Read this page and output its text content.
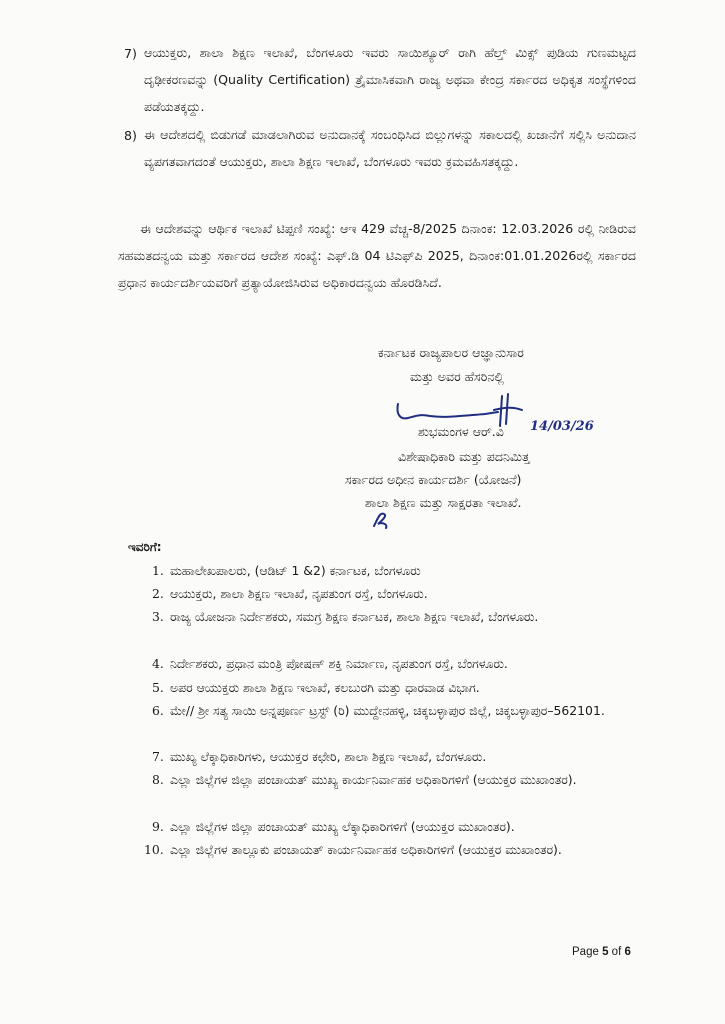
7) ಆಯುಕ್ತರು, ಶಾಲಾ ಶಿಕ್ಷಣ ಇಲಾಖೆ, ಬೆಂಗಳೂರು ಇವರು ಸಾಯಿಶ್ಯೂರ್ ರಾಗಿ ಹೆಲ್ತ್ ಮಿಕ್ಸ್ ಪುಡಿಯ ಗುಣಮಟ್ಟದ ದೃಢೀಕರಣವನ್ನು (Quality Certification) ತ್ರೈಮಾಸಿಕವಾಗಿ ರಾಜ್ಯ ಅಥವಾ ಕೇಂದ್ರ ಸರ್ಕಾರದ ಅಧಿಕೃತ ಸಂಸ್ಥೆಗಳಿಂದ ಪಡೆಯತಕ್ಕದ್ದು.
8) ಈ ಆದೇಶದಲ್ಲಿ ಬಿಡುಗಡೆ ಮಾಡಲಾಗಿರುವ ಅನುದಾನಕ್ಕೆ ಸಂಬಂಧಿಸಿದ ಬಿಲ್ಲುಗಳನ್ನು ಸಕಾಲದಲ್ಲಿ ಖಜಾನೆಗೆ ಸಲ್ಲಿಸಿ ಅನುದಾನ ವ್ಯಪಗತವಾಗದಂತೆ ಆಯುಕ್ತರು, ಶಾಲಾ ಶಿಕ್ಷಣ ಇಲಾಖೆ, ಬೆಂಗಳೂರು ಇವರು ಕ್ರಮವಹಿಸತಕ್ಕದ್ದು.
ಈ ಆದೇಶವನ್ನು ಆರ್ಥಿಕ ಇಲಾಖೆ ಟಿಪ್ಪಣಿ ಸಂಖ್ಯೆ: ಆಇ 429 ವೆಚ್ಚ-8/2025 ದಿನಾಂಕ: 12.03.2026 ರಲ್ಲಿ ನೀಡಿರುವ ಸಹಮತದನ್ವಯ ಮತ್ತು ಸರ್ಕಾರದ ಆದೇಶ ಸಂಖ್ಯೆ: ಎಫ್.ಡಿ 04 ಟಿಎಫ್‌ಪಿ 2025, ದಿನಾಂಕ:01.01.2026ರಲ್ಲಿ ಸರ್ಕಾರದ ಪ್ರಧಾನ ಕಾರ್ಯದರ್ಶಿಯವರಿಗೆ ಪ್ರತ್ಯಾಯೋಜಿಸಿರುವ ಅಧಿಕಾರದನ್ವಯ ಹೊರಡಿಸಿದೆ.
ಕರ್ನಾಟಕ ರಾಜ್ಯಪಾಲರ ಆಜ್ಞಾನುಸಾರ
ಮತ್ತು ಅವರ ಹೆಸರಿನಲ್ಲಿ
ಶುಭಮಂಗಳ ಆರ್.ವಿ 14/03/26
ವಿಶೇಷಾಧಿಕಾರಿ ಮತ್ತು ಪದನಿಮಿತ್ತ
ಸರ್ಕಾರದ ಅಧೀನ ಕಾರ್ಯದರ್ಶಿ (ಯೋಜನೆ)
ಶಾಲಾ ಶಿಕ್ಷಣ ಮತ್ತು ಸಾಕ್ಷರತಾ ಇಲಾಖೆ.
ಇವರಿಗೆ:
1. ಮಹಾಲೇಖಪಾಲರು, (ಆಡಿಟ್ 1 &2) ಕರ್ನಾಟಕ, ಬೆಂಗಳೂರು
2. ಆಯುಕ್ತರು, ಶಾಲಾ ಶಿಕ್ಷಣ ಇಲಾಖೆ, ನೃಪತುಂಗ ರಸ್ತೆ, ಬೆಂಗಳೂರು.
3. ರಾಜ್ಯ ಯೋಜನಾ ನಿರ್ದೇಶಕರು, ಸಮಗ್ರ ಶಿಕ್ಷಣ ಕರ್ನಾಟಕ, ಶಾಲಾ ಶಿಕ್ಷಣ ಇಲಾಖೆ, ಬೆಂಗಳೂರು.
4. ನಿರ್ದೇಶಕರು, ಪ್ರಧಾನ ಮಂತ್ರಿ ಪೋಷಣ್ ಶಕ್ತಿ ನಿರ್ಮಾಣ, ನೃಪತುಂಗ ರಸ್ತೆ, ಬೆಂಗಳೂರು.
5. ಅಪರ ಆಯುಕ್ತರು ಶಾಲಾ ಶಿಕ್ಷಣ ಇಲಾಖೆ, ಕಲಬುರಗಿ ಮತ್ತು ಧಾರವಾಡ ವಿಭಾಗ.
6. ಮೇ// ಶ್ರೀ ಸತ್ಯ ಸಾಯಿ ಅನ್ನಪೂರ್ಣ ಟ್ರಸ್ಟ್ (ರಿ) ಮುದ್ದೇನಹಳ್ಳಿ, ಚಿಕ್ಕಬಳ್ಳಾಪುರ ಜಿಲ್ಲೆ, ಚಿಕ್ಕಬಳ್ಳಾಪುರ–562101.
7. ಮುಖ್ಯ ಲೆಕ್ಕಾಧಿಕಾರಿಗಳು, ಆಯುಕ್ತರ ಕಛೇರಿ, ಶಾಲಾ ಶಿಕ್ಷಣ ಇಲಾಖೆ, ಬೆಂಗಳೂರು.
8. ಎಲ್ಲಾ ಜಿಲ್ಲೆಗಳ ಜಿಲ್ಲಾ ಪಂಚಾಯತ್ ಮುಖ್ಯ ಕಾರ್ಯನಿರ್ವಾಹಕ ಅಧಿಕಾರಿಗಳಿಗೆ (ಆಯುಕ್ತರ ಮುಖಾಂತರ).
9. ಎಲ್ಲಾ ಜಿಲ್ಲೆಗಳ ಜಿಲ್ಲಾ ಪಂಚಾಯತ್ ಮುಖ್ಯ ಲೆಕ್ಕಾಧಿಕಾರಿಗಳಿಗೆ (ಆಯುಕ್ತರ ಮುಖಾಂತರ).
10. ಎಲ್ಲಾ ಜಿಲ್ಲೆಗಳ ತಾಲ್ಲೂಕು ಪಂಚಾಯತ್ ಕಾರ್ಯನಿರ್ವಾಹಕ ಅಧಿಕಾರಿಗಳಿಗೆ (ಆಯುಕ್ತರ ಮುಖಾಂತರ).
Page 5 of 6
